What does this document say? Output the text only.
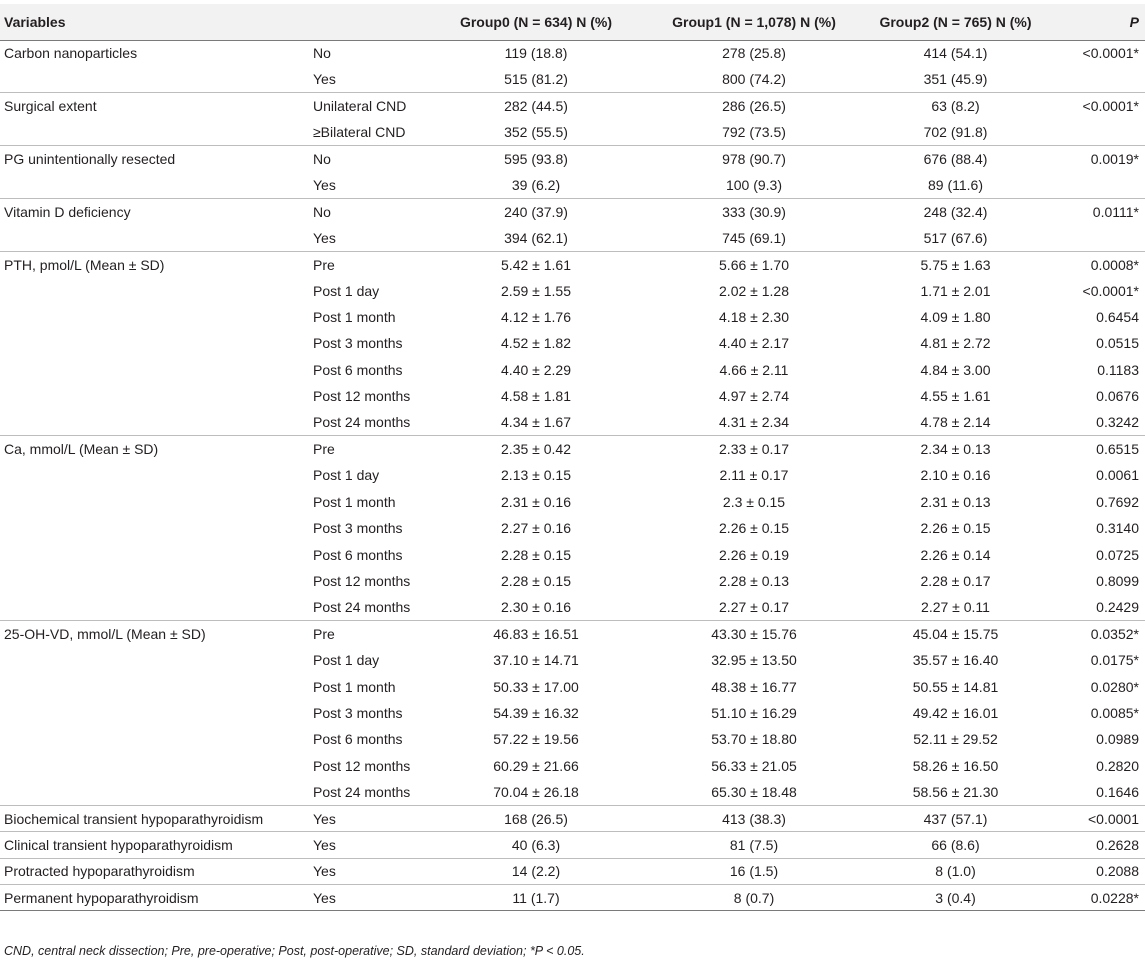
Variables		Group0 (N = 634) N (%)	Group1 (N = 1,078) N (%)	Group2 (N = 765) N (%)	P
Carbon nanoparticles	No	119 (18.8)	278 (25.8)	414 (54.1)	<0.0001*
	Yes	515 (81.2)	800 (74.2)	351 (45.9)	
Surgical extent	Unilateral CND	282 (44.5)	286 (26.5)	63 (8.2)	<0.0001*
	≥Bilateral CND	352 (55.5)	792 (73.5)	702 (91.8)	
PG unintentionally resected	No	595 (93.8)	978 (90.7)	676 (88.4)	0.0019*
	Yes	39 (6.2)	100 (9.3)	89 (11.6)	
Vitamin D deficiency	No	240 (37.9)	333 (30.9)	248 (32.4)	0.0111*
	Yes	394 (62.1)	745 (69.1)	517 (67.6)	
PTH, pmol/L (Mean ± SD)	Pre	5.42 ± 1.61	5.66 ± 1.70	5.75 ± 1.63	0.0008*
	Post 1 day	2.59 ± 1.55	2.02 ± 1.28	1.71 ± 2.01	<0.0001*
	Post 1 month	4.12 ± 1.76	4.18 ± 2.30	4.09 ± 1.80	0.6454
	Post 3 months	4.52 ± 1.82	4.40 ± 2.17	4.81 ± 2.72	0.0515
	Post 6 months	4.40 ± 2.29	4.66 ± 2.11	4.84 ± 3.00	0.1183
	Post 12 months	4.58 ± 1.81	4.97 ± 2.74	4.55 ± 1.61	0.0676
	Post 24 months	4.34 ± 1.67	4.31 ± 2.34	4.78 ± 2.14	0.3242
Ca, mmol/L (Mean ± SD)	Pre	2.35 ± 0.42	2.33 ± 0.17	2.34 ± 0.13	0.6515
	Post 1 day	2.13 ± 0.15	2.11 ± 0.17	2.10 ± 0.16	0.0061
	Post 1 month	2.31 ± 0.16	2.3 ± 0.15	2.31 ± 0.13	0.7692
	Post 3 months	2.27 ± 0.16	2.26 ± 0.15	2.26 ± 0.15	0.3140
	Post 6 months	2.28 ± 0.15	2.26 ± 0.19	2.26 ± 0.14	0.0725
	Post 12 months	2.28 ± 0.15	2.28 ± 0.13	2.28 ± 0.17	0.8099
	Post 24 months	2.30 ± 0.16	2.27 ± 0.17	2.27 ± 0.11	0.2429
25-OH-VD, mmol/L (Mean ± SD)	Pre	46.83 ± 16.51	43.30 ± 15.76	45.04 ± 15.75	0.0352*
	Post 1 day	37.10 ± 14.71	32.95 ± 13.50	35.57 ± 16.40	0.0175*
	Post 1 month	50.33 ± 17.00	48.38 ± 16.77	50.55 ± 14.81	0.0280*
	Post 3 months	54.39 ± 16.32	51.10 ± 16.29	49.42 ± 16.01	0.0085*
	Post 6 months	57.22 ± 19.56	53.70 ± 18.80	52.11 ± 29.52	0.0989
	Post 12 months	60.29 ± 21.66	56.33 ± 21.05	58.26 ± 16.50	0.2820
	Post 24 months	70.04 ± 26.18	65.30 ± 18.48	58.56 ± 21.30	0.1646
Biochemical transient hypoparathyroidism	Yes	168 (26.5)	413 (38.3)	437 (57.1)	<0.0001
Clinical transient hypoparathyroidism	Yes	40 (6.3)	81 (7.5)	66 (8.6)	0.2628
Protracted hypoparathyroidism	Yes	14 (2.2)	16 (1.5)	8 (1.0)	0.2088
Permanent hypoparathyroidism	Yes	11 (1.7)	8 (0.7)	3 (0.4)	0.0228*
CND, central neck dissection; Pre, pre-operative; Post, post-operative; SD, standard deviation; *P < 0.05.
